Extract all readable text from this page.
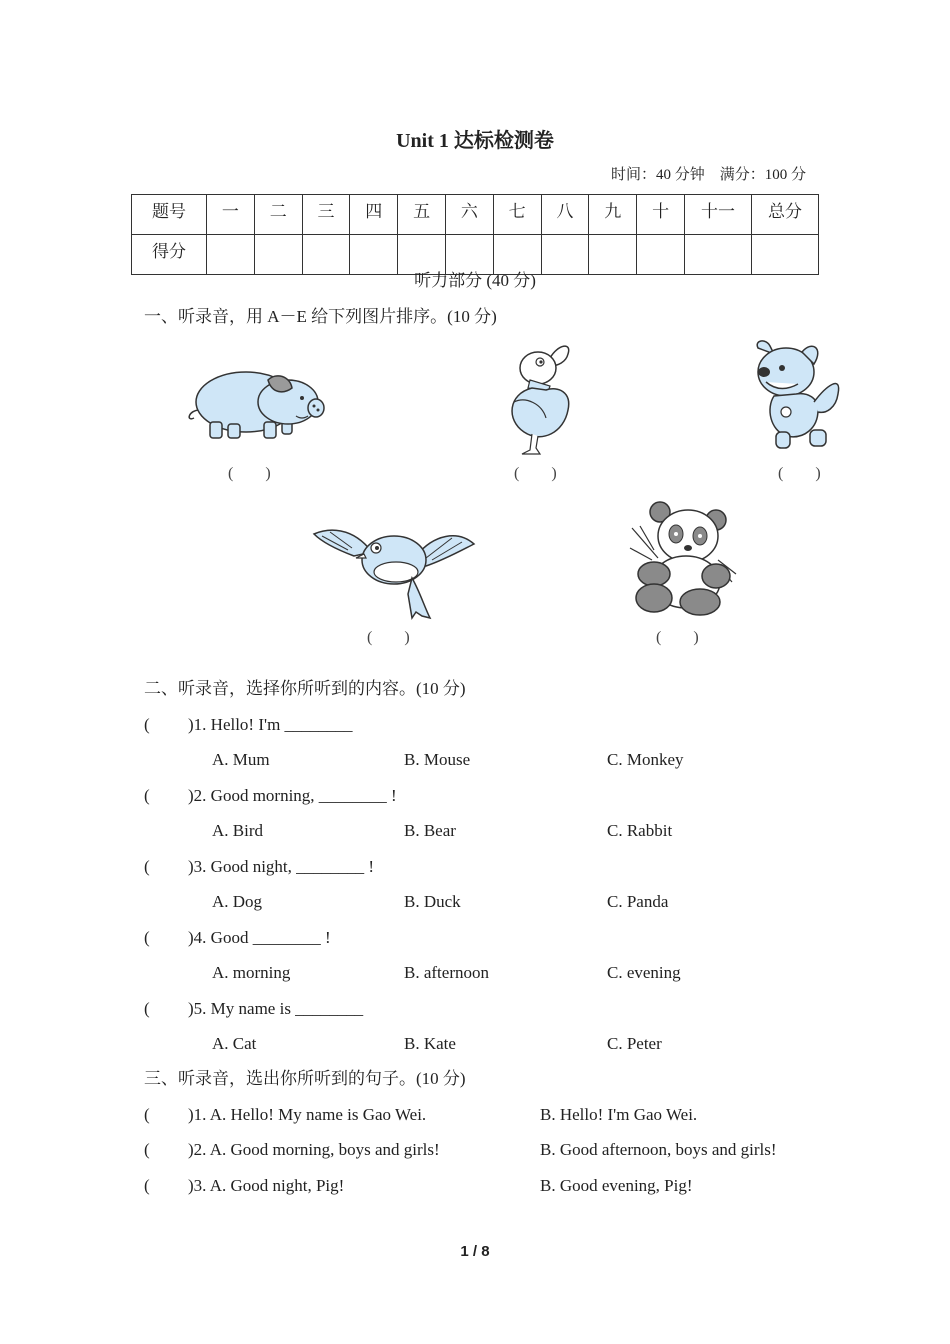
Unit 1 达标检测卷
时间：40 分钟　满分：100 分
题号	一	二	三	四	五	六	七	八	九	十	十一	总分
得分												
听力部分 (40 分)
一、听录音，用 A－E 给下列图片排序。(10 分)
(　　)	(　　)	(　　)
(　　)	(　　)
二、听录音，选择你所听到的内容。(10 分)
( )1. Hello! I'm ________
A. Mum	B. Mouse	C. Monkey
( )2. Good morning, ________ !
A. Bird	B. Bear	C. Rabbit
( )3. Good night, ________ !
A. Dog	B. Duck	C. Panda
( )4. Good ________ !
A. morning	B. afternoon	C. evening
( )5. My name is ________
A. Cat	B. Kate	C. Peter
三、听录音，选出你所听到的句子。(10 分)
( )1. A. Hello! My name is Gao Wei.	B. Hello! I'm Gao Wei.
( )2. A. Good morning, boys and girls!	B. Good afternoon, boys and girls!
( )3. A. Good night, Pig!	B. Good evening, Pig!
1 / 8
